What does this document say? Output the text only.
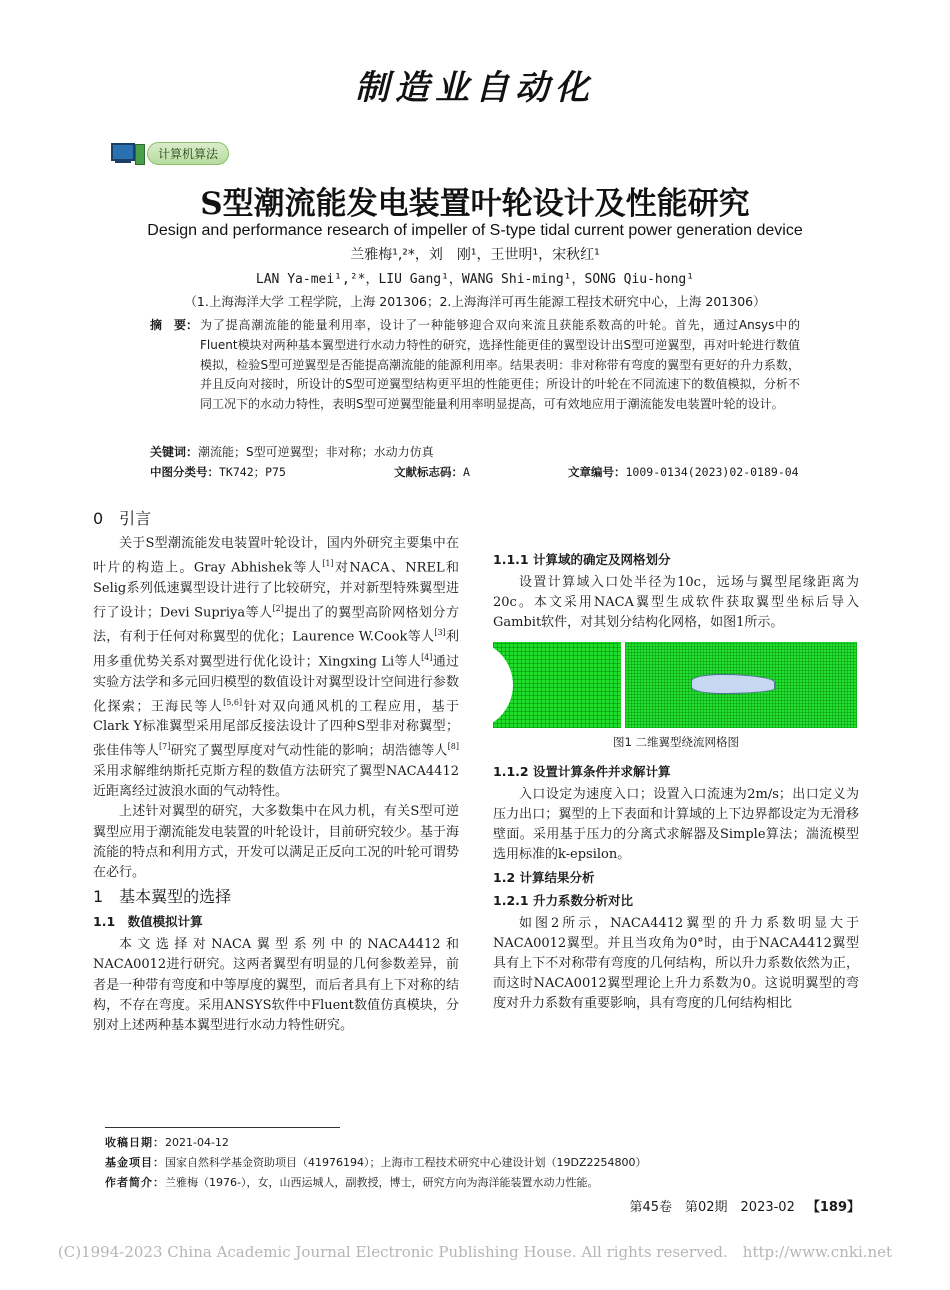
制造业自动化
计算机算法
S型潮流能发电装置叶轮设计及性能研究
Design and performance research of impeller of S-type tidal current power generation device
兰雅梅¹,²*，刘　刚¹，王世明¹，宋秋红¹
LAN Ya-mei¹,²*，LIU Gang¹，WANG Shi-ming¹，SONG Qiu-hong¹
（1.上海海洋大学 工程学院，上海 201306；2.上海海洋可再生能源工程技术研究中心，上海 201306）
摘　要： 为了提高潮流能的能量利用率，设计了一种能够迎合双向来流且获能系数高的叶轮。首先，通过Ansys中的Fluent模块对两种基本翼型进行水动力特性的研究，选择性能更佳的翼型设计出S型可逆翼型，再对叶轮进行数值模拟，检验S型可逆翼型是否能提高潮流能的能源利用率。结果表明：非对称带有弯度的翼型有更好的升力系数，并且反向对接时，所设计的S型可逆翼型结构更平坦的性能更佳；所设计的叶轮在不同流速下的数值模拟，分析不同工况下的水动力特性，表明S型可逆翼型能量利用率明显提高，可有效地应用于潮流能发电装置叶轮的设计。
关键词：潮流能；S型可逆翼型；非对称；水动力仿真
中图分类号：TK742；P75	文献标志码：A	文章编号：1009-0134(2023)02-0189-04
0　引言

关于S型潮流能发电装置叶轮设计，国内外研究主要集中在叶片的构造上。Gray Abhishek等人[1]对NACA、NREL和Selig系列低速翼型设计进行了比较研究，并对新型特殊翼型进行了设计；Devi Supriya等人[2]提出了的翼型高阶网格划分方法，有利于任何对称翼型的优化；Laurence W.Cook等人[3]利用多重优势关系对翼型进行优化设计；Xingxing Li等人[4]通过实验方法学和多元回归模型的数值设计对翼型设计空间进行参数化探索；王海民等人[5,6]针对双向通风机的工程应用，基于Clark Y标准翼型采用尾部反接法设计了四种S型非对称翼型；张佳伟等人[7]研究了翼型厚度对气动性能的影响；胡浩德等人[8]采用求解维纳斯托克斯方程的数值方法研究了翼型NACA4412近距离经过波浪水面的气动特性。

上述针对翼型的研究，大多数集中在风力机，有关S型可逆翼型应用于潮流能发电装置的叶轮设计，目前研究较少。基于海流能的特点和利用方式，开发可以满足正反向工况的叶轮可谓势在必行。

1　基本翼型的选择
1.1　数值模拟计算

本文选择对NACA翼型系列中的NACA4412和NACA0012进行研究。这两者翼型有明显的几何参数差异，前者是一种带有弯度和中等厚度的翼型，而后者具有上下对称的结构，不存在弯度。采用ANSYS软件中Fluent数值仿真模块，分别对上述两种基本翼型进行水动力特性研究。

1.1.1 计算域的确定及网格划分

设置计算域入口处半径为10c，远场与翼型尾缘距离为20c。本文采用NACA翼型生成软件获取翼型坐标后导入Gambit软件，对其划分结构化网格，如图1所示。

图1 二维翼型绕流网格图

1.1.2 设置计算条件并求解计算

入口设定为速度入口；设置入口流速为2m/s；出口定义为压力出口；翼型的上下表面和计算域的上下边界都设定为无滑移壁面。采用基于压力的分离式求解器及Simple算法；湍流模型选用标准的k-epsilon。

1.2 计算结果分析
1.2.1 升力系数分析对比

如图2所示，NACA4412翼型的升力系数明显大于NACA0012翼型。并且当攻角为0°时，由于NACA4412翼型具有上下不对称带有弯度的几何结构，所以升力系数依然为正，而这时NACA0012翼型理论上升力系数为0。这说明翼型的弯度对升力系数有重要影响，具有弯度的几何结构相比

收稿日期：2021-04-12
基金项目：国家自然科学基金资助项目（41976194）；上海市工程技术研究中心建设计划（19DZ2254800）
作者简介：兰雅梅（1976-），女，山西运城人，副教授，博士，研究方向为海洋能装置水动力性能。
第45卷　第02期　2023-02 【189】
(C)1994-2023 China Academic Journal Electronic Publishing House. All rights reserved.　http://www.cnki.net
